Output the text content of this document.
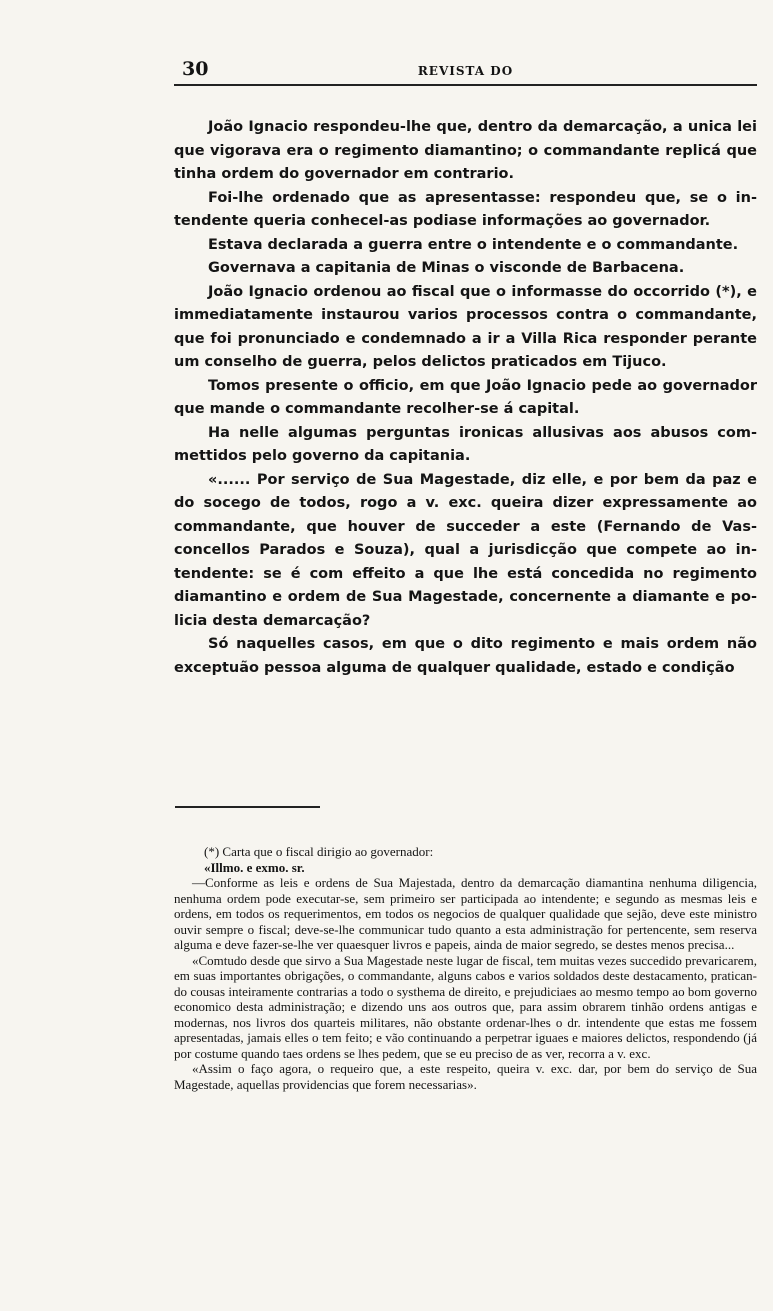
30	REVISTA DO

João Ignacio respondeu-lhe que, dentro da demarcação, a unica lei que vigorava era o regimento diamantino; o commandante replicá que tinha ordem do governador em contrario.

Foi-lhe ordenado que as apresentasse: respondeu que, se o intendente queria conhecel-as podiase informações ao governador.

Estava declarada a guerra entre o intendente e o commandante.

Governava a capitania de Minas o visconde de Barbacena.

João Ignacio ordenou ao fiscal que o informasse do occorrido (*), e immediatamente instaurou varios processos contra o commandante, que foi pronunciado e condemnado a ir a Villa Rica responder perante um conselho de guerra, pelos delictos praticados em Tijuco.

Tomos presente o officio, em que João Ignacio pede ao governador que mande o commandante recolher-se á capital.

Ha nelle algumas perguntas ironicas allusivas aos abusos commettidos pelo governo da capitania.

«...... Por serviço de Sua Magestade, diz elle, e por bem da paz e do socego de todos, rogo a v. exc. queira dizer expressamente ao commandante, que houver de succeder a este (Fernando de Vasconcellos Parados e Souza), qual a jurisdicção que compete ao intendente: se é com effeito a que lhe está concedida no regimento diamantino e ordem de Sua Magestade, concernente a diamante e policia desta demarcação?

Só naquelles casos, em que o dito regimento e mais ordem não exceptuão pessoa alguma de qualquer qualidade, estado e condição

(*) Carta que o fiscal dirigio ao governador:

«Illmo. e exmo. sr.

—Conforme as leis e ordens de Sua Majestada, dentro da demarcação diamantina nenhuma diligencia, nenhuma ordem pode executar-se, sem primeiro ser participada ao intendente; e segundo as mesmas leis e ordens, em todos os requerimentos, em todos os negocios de qualquer qualidade que sejão, deve este ministro ouvir sempre o fiscal; deve-se-lhe communicar tudo quanto a esta administração for pertencente, sem reserva alguma e deve fazer-se-lhe ver quaesquer livros e papeis, ainda de maior segredo, se destes menos precisa...

«Comtudo desde que sirvo a Sua Magestade neste lugar de fiscal, tem muitas vezes succedido prevaricarem, em suas importantes obrigações, o commandante, alguns cabos e varios soldados deste destacamento, praticando cousas inteiramente contrarias a todo o systhema de direito, e prejudiciaes ao mesmo tempo ao bom governo economico desta administração; e dizendo uns aos outros que, para assim obrarem tinhão ordens antigas e modernas, nos livros dos quarteis militares, não obstante ordenar-lhes o dr. intendente que estas me fossem apresentadas, jamais elles o tem feito; e vão continuando a perpetrar iguaes e maiores delictos, respondendo (já por costume quando taes ordens se lhes pedem, que se eu preciso de as ver, recorra a v. exc.

«Assim o faço agora, o requeiro que, a este respeito, queira v. exc. dar, por bem do serviço de Sua Magestade, aquellas providencias que forem necessarias».
